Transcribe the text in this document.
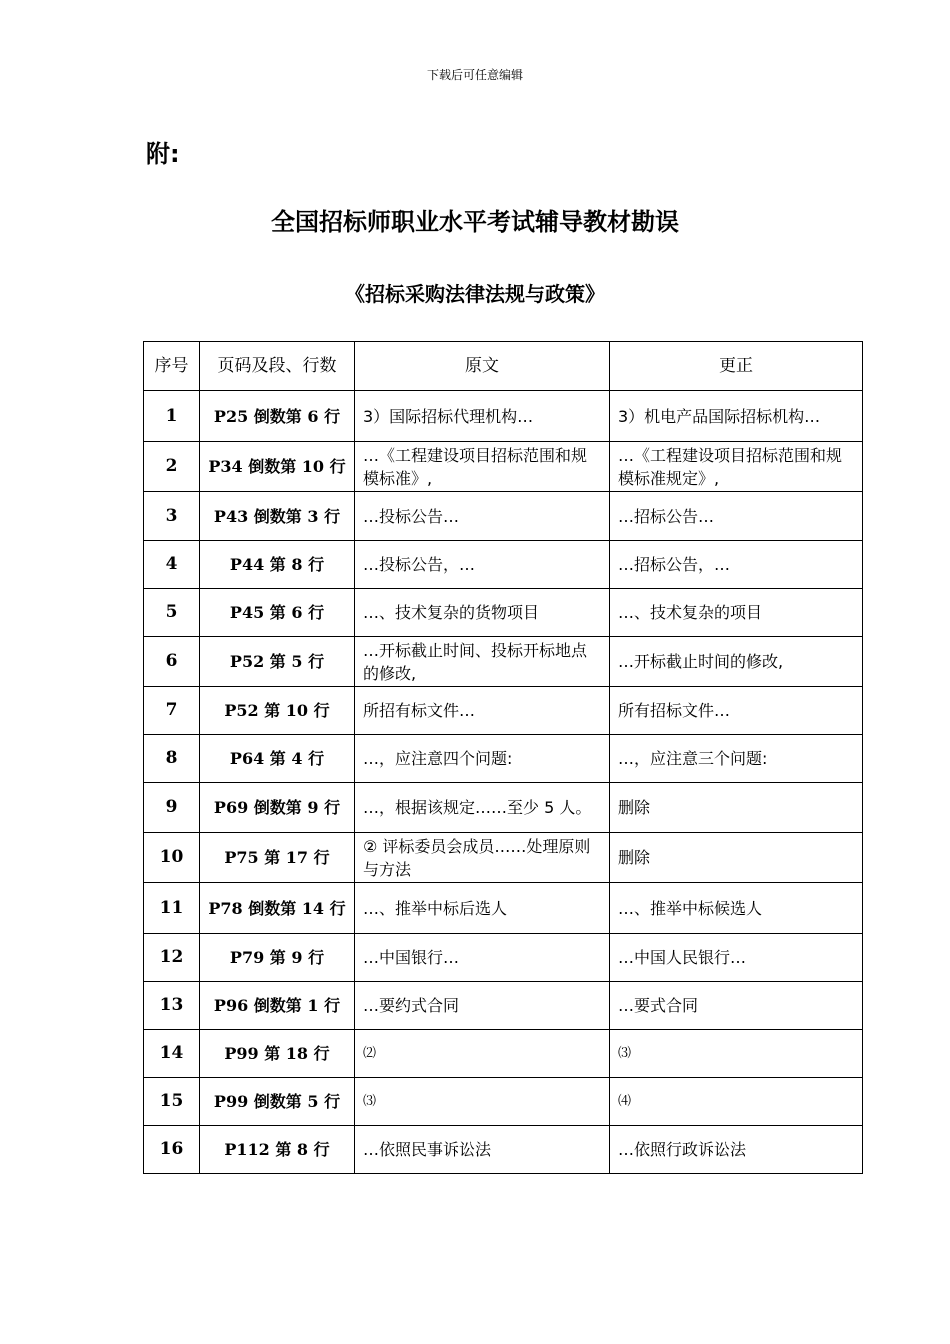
下载后可任意编辑
附:
全国招标师职业水平考试辅导教材勘误
《招标采购法律法规与政策》
序号	页码及段、行数	原文	更正
1	P25 倒数第 6 行	3）国际招标代理机构…	3）机电产品国际招标机构…
2	P34 倒数第 10 行	…《工程建设项目招标范围和规模标准》,	…《工程建设项目招标范围和规模标准规定》,
3	P43 倒数第 3 行	…投标公告…	…招标公告…
4	P44 第 8 行	…投标公告，…	…招标公告，…
5	P45 第 6 行	…、技术复杂的货物项目	…、技术复杂的项目
6	P52 第 5 行	…开标截止时间、投标开标地点的修改,	…开标截止时间的修改,
7	P52 第 10 行	所招有标文件…	所有招标文件…
8	P64 第 4 行	…，应注意四个问题:	…，应注意三个问题:
9	P69 倒数第 9 行	…，根据该规定……至少 5 人。	删除
10	P75 第 17 行	② 评标委员会成员……处理原则与方法	删除
11	P78 倒数第 14 行	…、推举中标后选人	…、推举中标候选人
12	P79 第 9 行	…中国银行…	…中国人民银行…
13	P96 倒数第 1 行	…要约式合同	…要式合同
14	P99 第 18 行	⑵	⑶
15	P99 倒数第 5 行	⑶	⑷
16	P112 第 8 行	…依照民事诉讼法	…依照行政诉讼法
